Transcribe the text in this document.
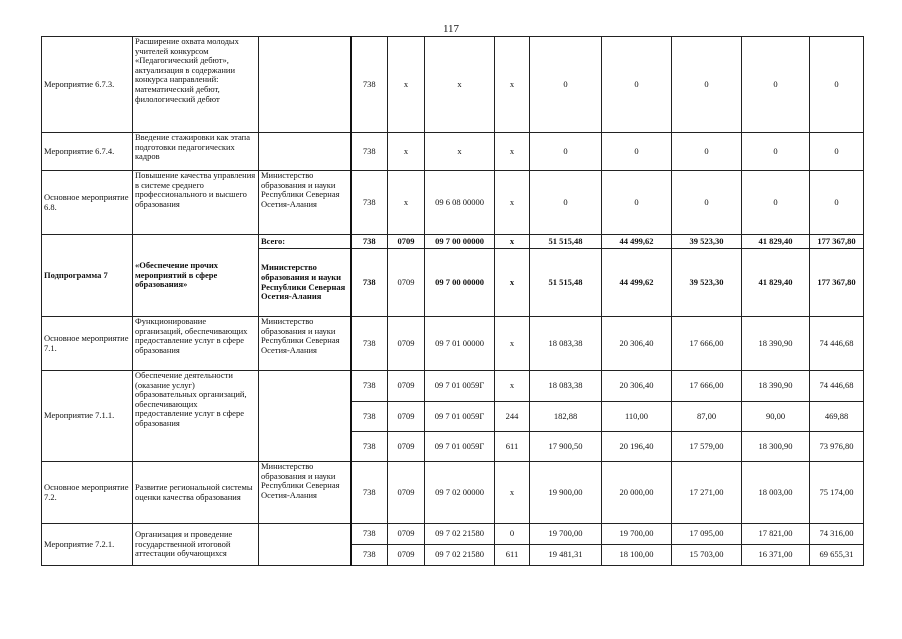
117
Мероприятие 6.7.3.	Расширение охвата молодых учителей конкурсом «Педагогический дебют», актуализация в содержании конкурса направлений: математический дебют, филологический дебют		738	х	х	х	0	0	0	0	0
Мероприятие 6.7.4.	Введение стажировки как этапа подготовки педагогических кадров		738	х	х	х	0	0	0	0	0
Основное мероприятие 6.8.	Повышение качества управления в системе среднего профессионального и высшего образования	Министерство образования и науки Республики Северная Осетия-Алания	738	х	09 6 08 00000	х	0	0	0	0	0
Подпрограмма 7	«Обеспечение прочих мероприятий в сфере образования»	Всего:	738	0709	09 7 00 00000	х	51 515,48	44 499,62	39 523,30	41 829,40	177 367,80
		Министерство образования и науки Республики Северная Осетия-Алания	738	0709	09 7 00 00000	х	51 515,48	44 499,62	39 523,30	41 829,40	177 367,80
Основное мероприятие 7.1.	Функционирование организаций, обеспечивающих предоставление услуг в сфере образования	Министерство образования и науки Республики Северная Осетия-Алания	738	0709	09 7 01 00000	х	18 083,38	20 306,40	17 666,00	18 390,90	74 446,68
Мероприятие 7.1.1.	Обеспечение деятельности (оказание услуг) образовательных организаций, обеспечивающих предоставление услуг в сфере образования		738	0709	09 7 01 0059Г	х	18 083,38	20 306,40	17 666,00	18 390,90	74 446,68
			738	0709	09 7 01 0059Г	244	182,88	110,00	87,00	90,00	469,88
			738	0709	09 7 01 0059Г	611	17 900,50	20 196,40	17 579,00	18 300,90	73 976,80
Основное мероприятие 7.2.	Развитие региональной системы оценки качества образования	Министерство образования и науки Республики Северная Осетия-Алания	738	0709	09 7 02 00000	х	19 900,00	20 000,00	17 271,00	18 003,00	75 174,00
Мероприятие 7.2.1.	Организация и проведение государственной итоговой аттестации обучающихся		738	0709	09 7 02 21580	0	19 700,00	19 700,00	17 095,00	17 821,00	74 316,00
			738	0709	09 7 02 21580	611	19 481,31	18 100,00	15 703,00	16 371,00	69 655,31
